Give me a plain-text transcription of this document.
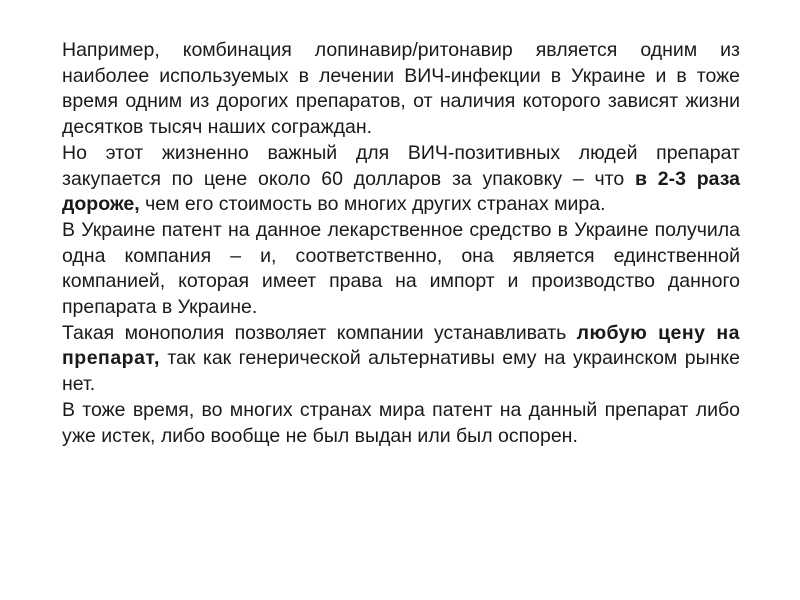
Например, комбинация лопинавир/ритонавир является одним из наиболее используемых в лечении ВИЧ-инфекции в Украине и в тоже время одним из дорогих препаратов, от наличия которого зависят жизни десятков тысяч наших сограждан.

Но этот жизненно важный для ВИЧ-позитивных людей препарат закупается по цене около 60 долларов за упаковку – что в 2-3 раза дороже, чем его стоимость во многих других странах мира.

В Украине патент на данное лекарственное средство в Украине получила одна компания – и, соответственно, она является единственной компанией, которая имеет права на импорт и производство данного препарата в Украине.

Такая монополия позволяет компании устанавливать любую цену на препарат, так как генерической альтернативы ему на украинском рынке нет.

В тоже время, во многих странах мира патент на данный препарат либо уже истек, либо вообще не был выдан или был оспорен.
